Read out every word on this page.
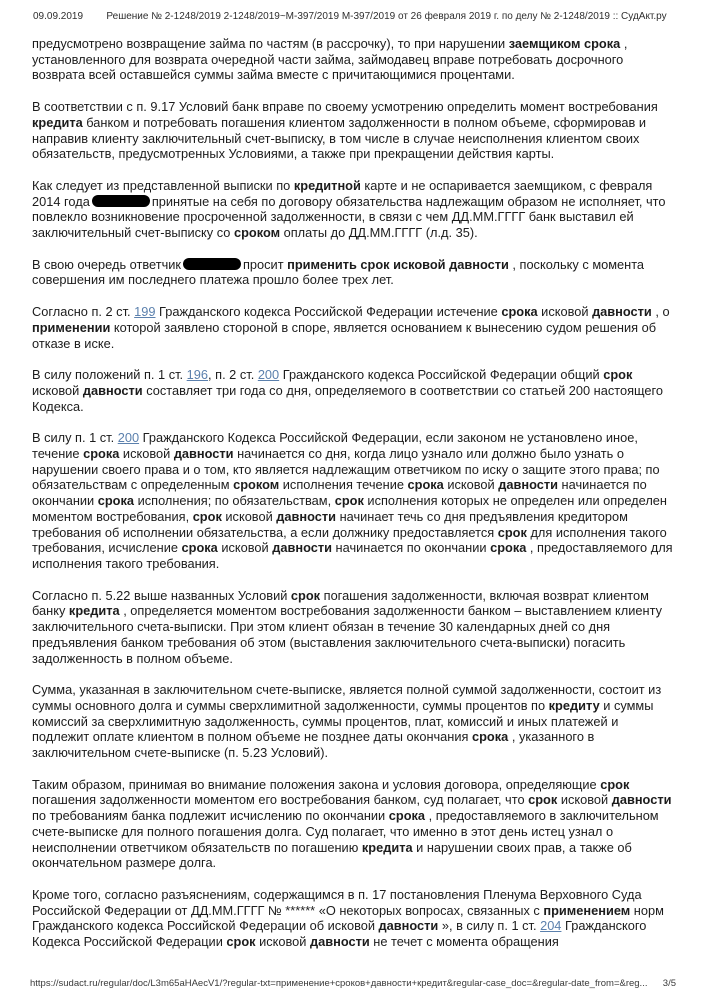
09.09.2019	Решение № 2-1248/2019 2-1248/2019~М-397/2019 М-397/2019 от 26 февраля 2019 г. по делу № 2-1248/2019 :: СудАкт.ру

предусмотрено возвращение займа по частям (в рассрочку), то при нарушении заемщиком срока , установленного для возврата очередной части займа, займодавец вправе потребовать досрочного возврата всей оставшейся суммы займа вместе с причитающимися процентами.

В соответствии с п. 9.17 Условий банк вправе по своему усмотрению определить момент востребования кредита банком и потребовать погашения клиентом задолженности в полном объеме, сформировав и направив клиенту заключительный счет-выписку, в том числе в случае неисполнения клиентом своих обязательств, предусмотренных Условиями, а также при прекращении действия карты.

Как следует из представленной выписки по кредитной карте и не оспаривается заемщиком, с февраля 2014 года	принятые на себя по договору обязательства надлежащим образом не исполняет, что повлекло возникновение просроченной задолженности, в связи с чем ДД.ММ.ГГГГ банк выставил ей заключительный счет-выписку со сроком оплаты до ДД.ММ.ГГГГ (л.д. 35).

В свою очередь ответчик	просит применить срок исковой давности , поскольку с момента совершения им последнего платежа прошло более трех лет.

Согласно п. 2 ст. 199 Гражданского кодекса Российской Федерации истечение срока исковой давности , о применении которой заявлено стороной в споре, является основанием к вынесению судом решения об отказе в иске.

В силу положений п. 1 ст. 196, п. 2 ст. 200 Гражданского кодекса Российской Федерации общий срок исковой давности составляет три года со дня, определяемого в соответствии со статьей 200 настоящего Кодекса.

В силу п. 1 ст. 200 Гражданского Кодекса Российской Федерации, если законом не установлено иное, течение срока исковой давности начинается со дня, когда лицо узнало или должно было узнать о нарушении своего права и о том, кто является надлежащим ответчиком по иску о защите этого права; по обязательствам с определенным сроком исполнения течение срока исковой давности начинается по окончании срока исполнения; по обязательствам, срок исполнения которых не определен или определен моментом востребования, срок исковой давности начинает течь со дня предъявления кредитором требования об исполнении обязательства, а если должнику предоставляется срок для исполнения такого требования, исчисление срока исковой давности начинается по окончании срока , предоставляемого для исполнения такого требования.

Согласно п. 5.22 выше названных Условий срок погашения задолженности, включая возврат клиентом банку кредита , определяется моментом востребования задолженности банком – выставлением клиенту заключительного счета-выписки. При этом клиент обязан в течение 30 календарных дней со дня предъявления банком требования об этом (выставления заключительного счета-выписки) погасить задолженность в полном объеме.

Сумма, указанная в заключительном счете-выписке, является полной суммой задолженности, состоит из суммы основного долга и суммы сверхлимитной задолженности, суммы процентов по кредиту и суммы комиссий за сверхлимитную задолженность, суммы процентов, плат, комиссий и иных платежей и подлежит оплате клиентом в полном объеме не позднее даты окончания срока , указанного в заключительном счете-выписке (п. 5.23 Условий).

Таким образом, принимая во внимание положения закона и условия договора, определяющие срок погашения задолженности моментом его востребования банком, суд полагает, что срок исковой давности по требованиям банка подлежит исчислению по окончании срока , предоставляемого в заключительном счете-выписке для полного погашения долга. Суд полагает, что именно в этот день истец узнал о неисполнении ответчиком обязательств по погашению кредита и нарушении своих прав, а также об окончательном размере долга.

Кроме того, согласно разъяснениям, содержащимся в п. 17 постановления Пленума Верховного Суда Российской Федерации от ДД.ММ.ГГГГ № ****** «О некоторых вопросах, связанных с применением норм Гражданского кодекса Российской Федерации об исковой давности », в силу п. 1 ст. 204 Гражданского Кодекса Российской Федерации срок исковой давности не течет с момента обращения

https://sudact.ru/regular/doc/L3m65aHAecV1/?regular-txt=применение+сроков+давности+кредит&regular-case_doc=&regular-date_from=&reg...	3/5
